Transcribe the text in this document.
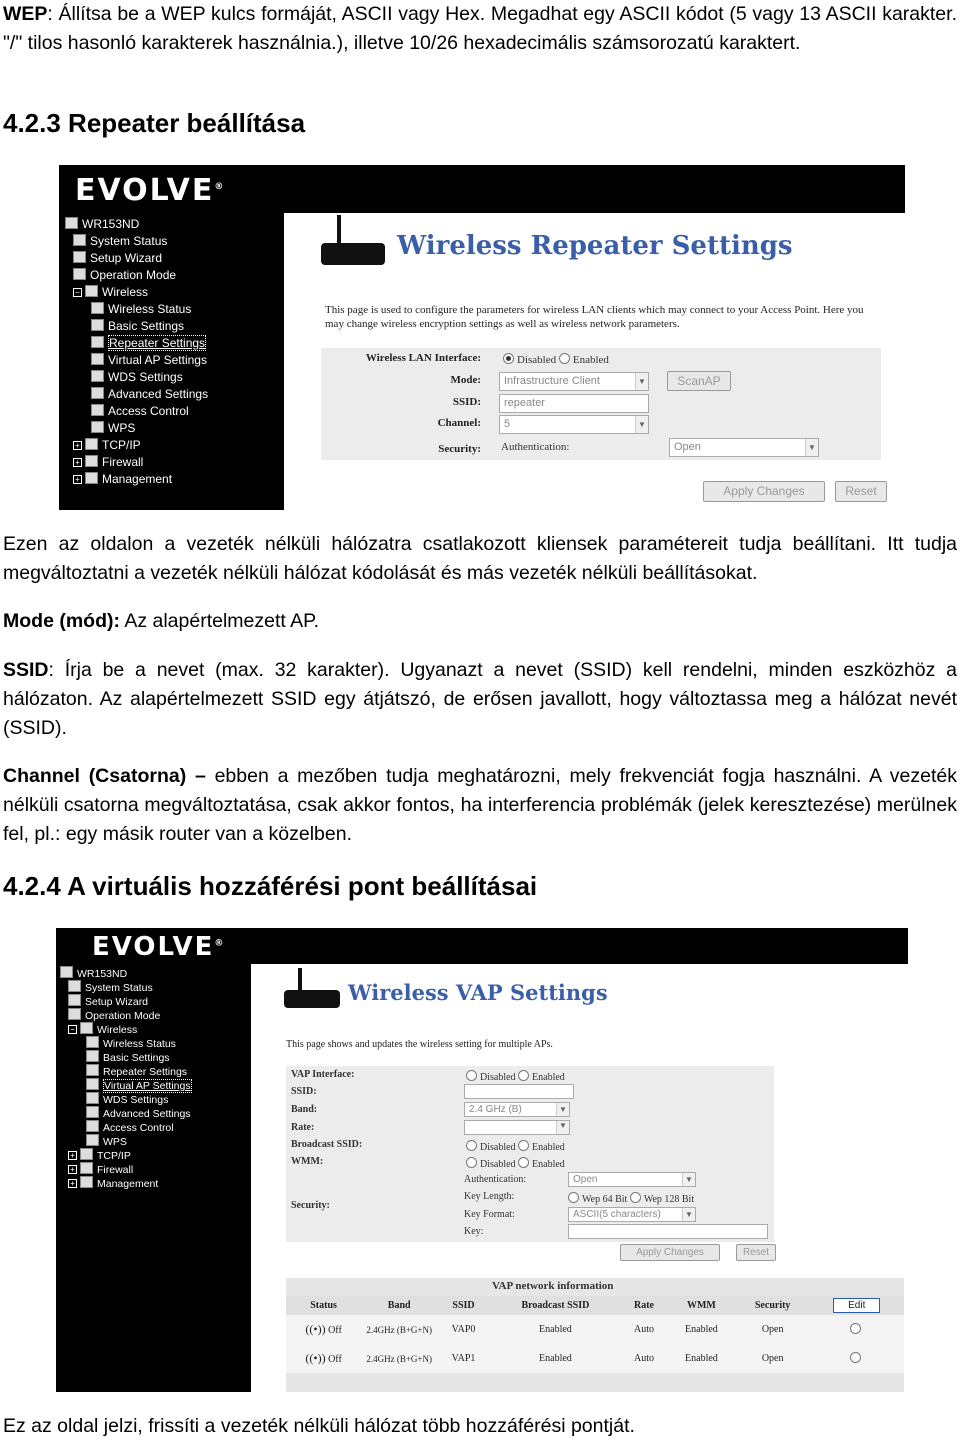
WEP: Állítsa be a WEP kulcs formáját, ASCII vagy Hex. Megadhat egy ASCII kódot (5 vagy 13 ASCII karakter. "/" tilos hasonló karakterek használnia.), illetve 10/26 hexadecimális számsorozatú karaktert.
4.2.3 Repeater beállítása
EVOLVE®
WR153ND
System Status
Setup Wizard
Operation Mode
− Wireless
Wireless Status
Basic Settings
Repeater Settings
Virtual AP Settings
WDS Settings
Advanced Settings
Access Control
WPS
+ TCP/IP
+ Firewall
+ Management
Wireless Repeater Settings
This page is used to configure the parameters for wireless LAN clients which may connect to your Access Point. Here you may change wireless encryption settings as well as wireless network parameters.
Wireless LAN Interface:	Disabled Enabled
Mode:	Infrastructure Client	▼	ScanAP
SSID:	repeater
Channel:	5	▼
Security: Authentication:	Open	▼
Apply Changes	Reset
Ezen az oldalon a vezeték nélküli hálózatra csatlakozott kliensek paramétereit tudja beállítani. Itt tudja megváltoztatni a vezeték nélküli hálózat kódolását és más vezeték nélküli beállításokat.
Mode (mód): Az alapértelmezett AP.
SSID: Írja be a nevet (max. 32 karakter). Ugyanazt a nevet (SSID) kell rendelni, minden eszközhöz a hálózaton. Az alapértelmezett SSID egy átjátszó, de erősen javallott, hogy változtassa meg a hálózat nevét (SSID).
Channel (Csatorna) – ebben a mezőben tudja meghatározni, mely frekvenciát fogja használni. A vezeték nélküli csatorna megváltoztatása, csak akkor fontos, ha interferencia problémák (jelek keresztezése) merülnek fel, pl.: egy másik router van a közelben.
4.2.4 A virtuális hozzáférési pont beállításai
EVOLVE®
WR153ND
System Status
Setup Wizard
Operation Mode
− Wireless
Wireless Status
Basic Settings
Repeater Settings
Virtual AP Settings
WDS Settings
Advanced Settings
Access Control
WPS
+ TCP/IP
+ Firewall
+ Management
Wireless VAP Settings
This page shows and updates the wireless setting for multiple APs.
VAP Interface:	Disabled Enabled
SSID:
Band:	2.4 GHz (B)	▼
Rate:	▼
Broadcast SSID:	Disabled Enabled
WMM:	Disabled Enabled
Security:
Authentication:	Open	▼
Key Length:	Wep 64 Bit Wep 128 Bit
Key Format:	ASCII(5 characters)	▼
Key:
Apply Changes	Reset
VAP network information
Status	Band	SSID	Broadcast SSID	Rate	WMM	Security	Edit
((•)) Off	2.4GHz (B+G+N)	VAP0	Enabled	Auto	Enabled	Open	
((•)) Off	2.4GHz (B+G+N)	VAP1	Enabled	Auto	Enabled	Open	
Ez az oldal jelzi, frissíti a vezeték nélküli hálózat több hozzáférési pontját.
